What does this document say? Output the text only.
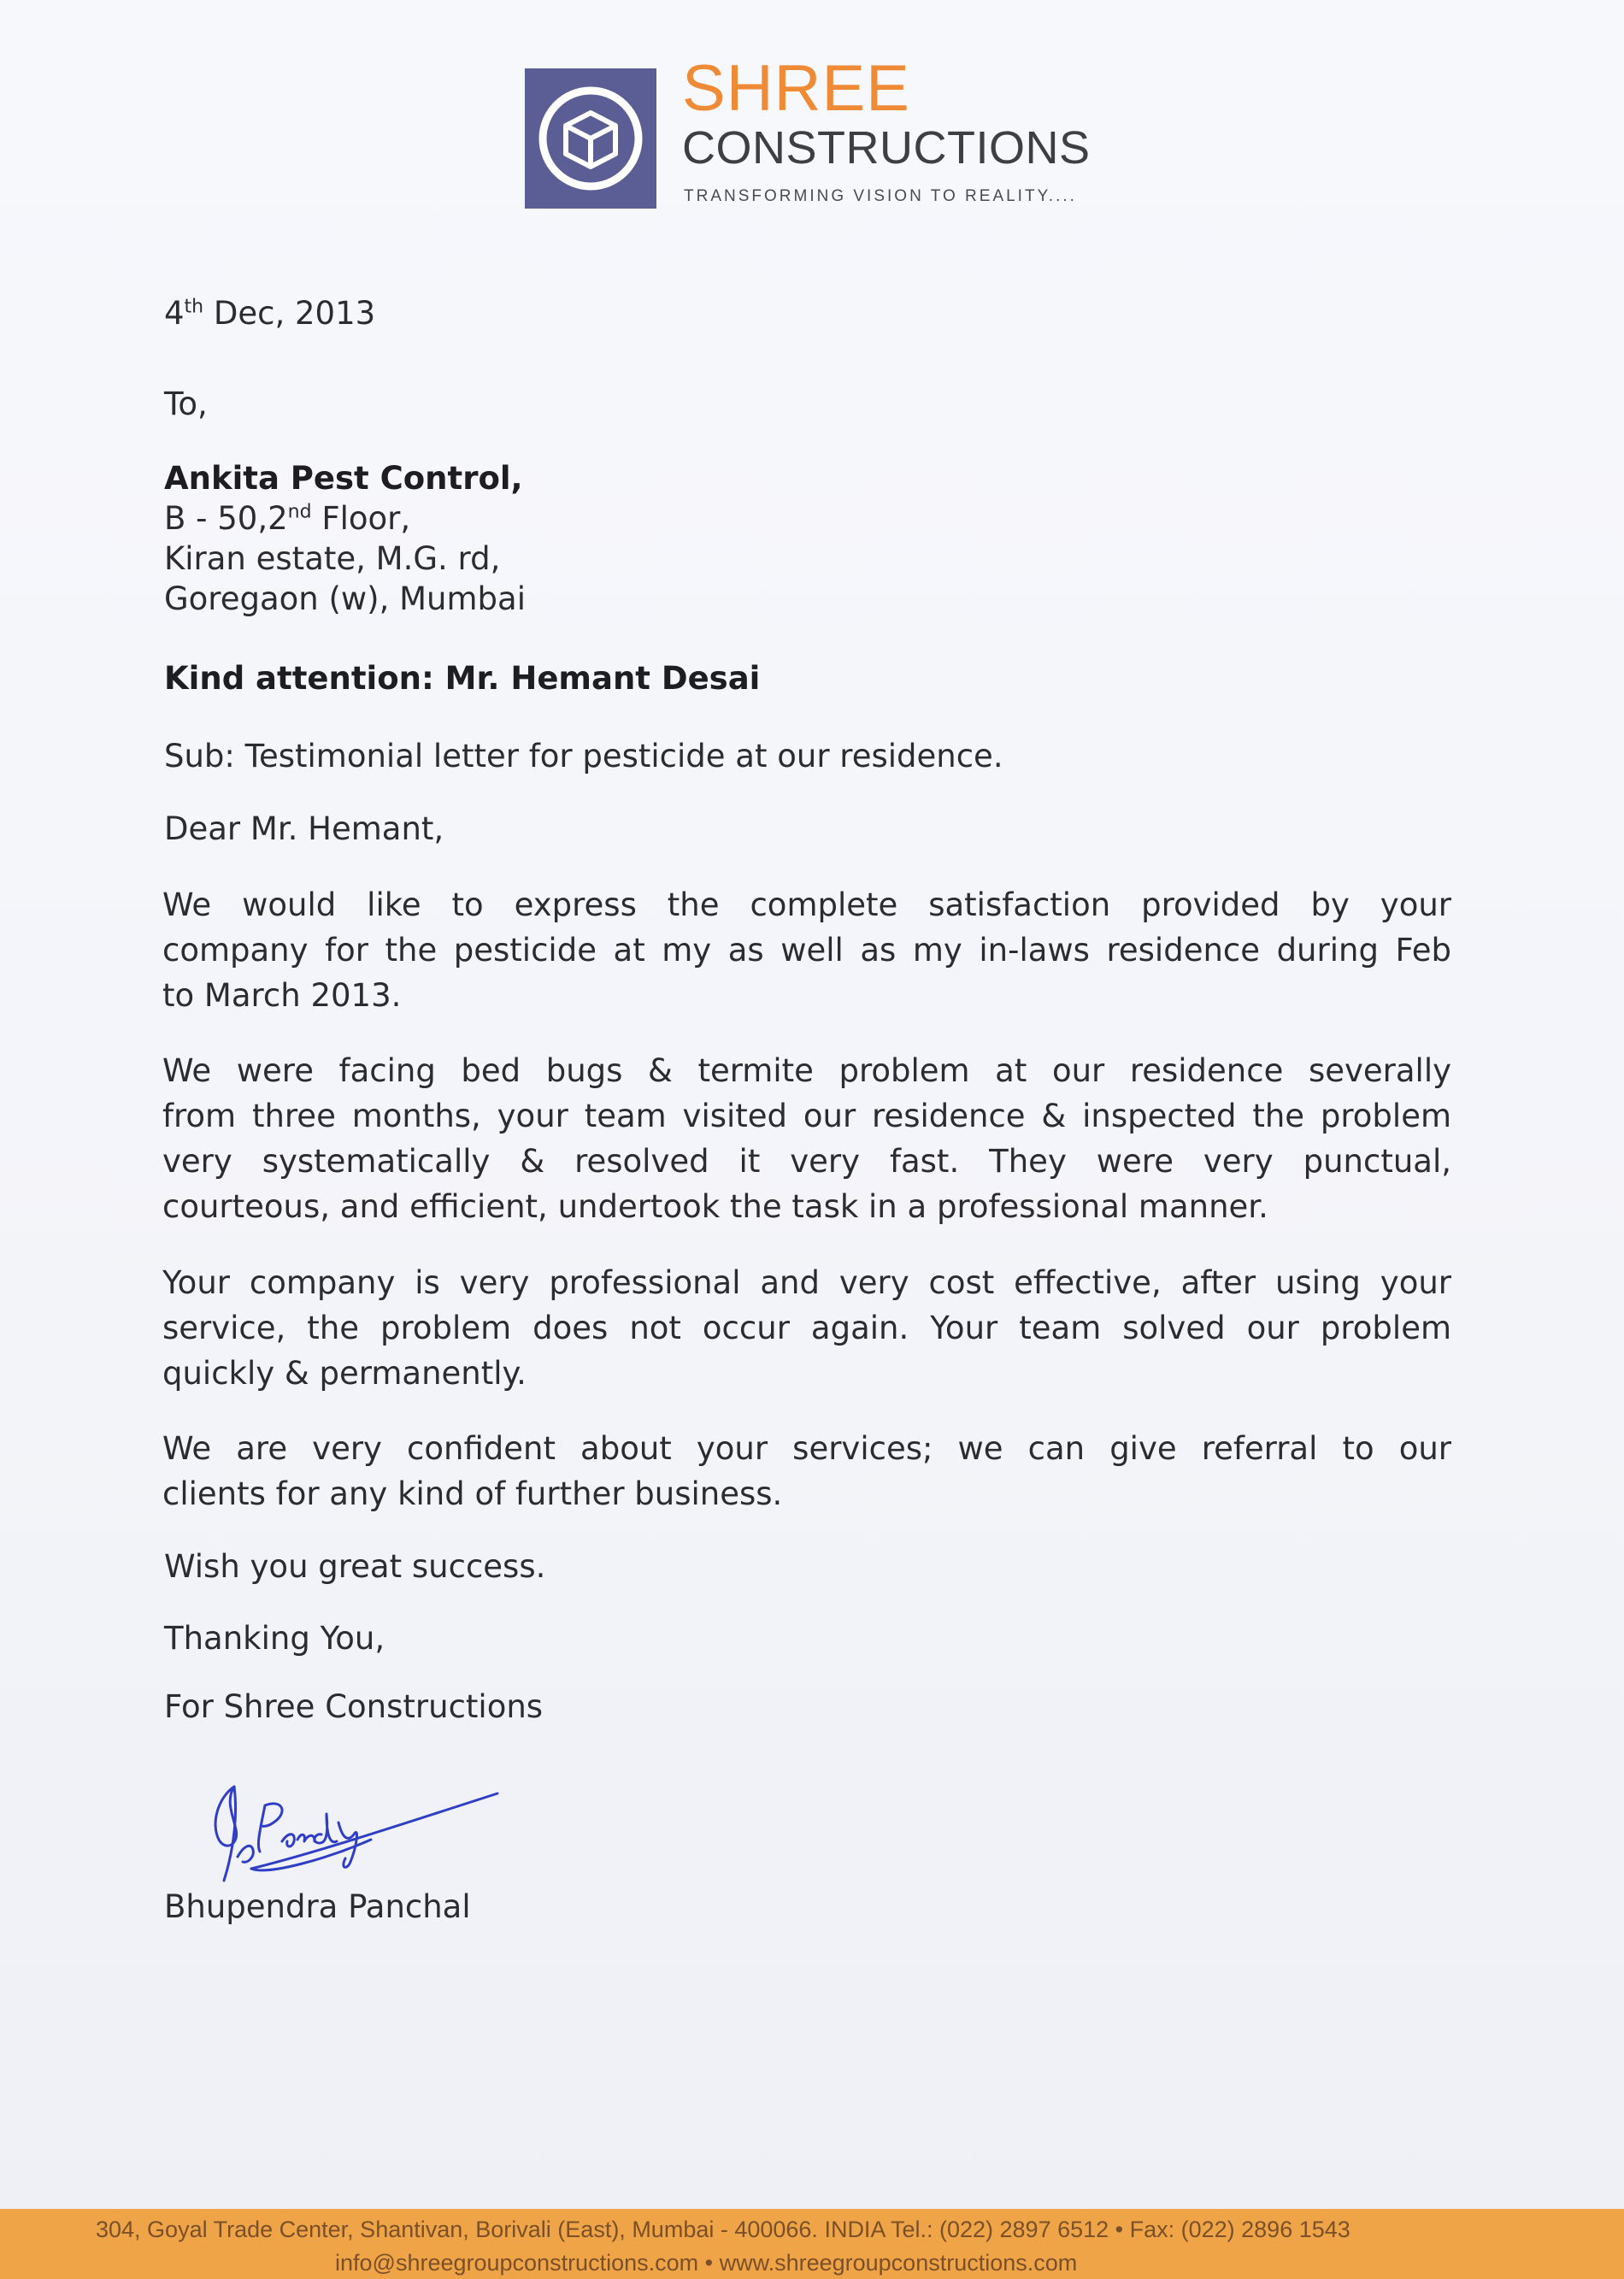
SHREE
CONSTRUCTIONS
TRANSFORMING VISION TO REALITY....
4th Dec, 2013
To,
Ankita Pest Control,
B - 50,2nd Floor,
Kiran estate, M.G. rd,
Goregaon (w), Mumbai
Kind attention: Mr. Hemant Desai
Sub: Testimonial letter for pesticide at our residence.
Dear Mr. Hemant,
We would like to express the complete satisfaction provided by your
company for the pesticide at my as well as my in-laws residence during Feb
to March 2013.
We were facing bed bugs & termite problem at our residence severally
from three months, your team visited our residence & inspected the problem
very systematically & resolved it very fast. They were very punctual,
courteous, and efficient, undertook the task in a professional manner.
Your company is very professional and very cost effective, after using your
service, the problem does not occur again. Your team solved our problem
quickly & permanently.
We are very confident about your services; we can give referral to our
clients for any kind of further business.
Wish you great success.
Thanking You,
For Shree Constructions
Bhupendra Panchal
304, Goyal Trade Center, Shantivan, Borivali (East), Mumbai - 400066. INDIA Tel.: (022) 2897 6512 • Fax: (022) 2896 1543
info@shreegroupconstructions.com • www.shreegroupconstructions.com
